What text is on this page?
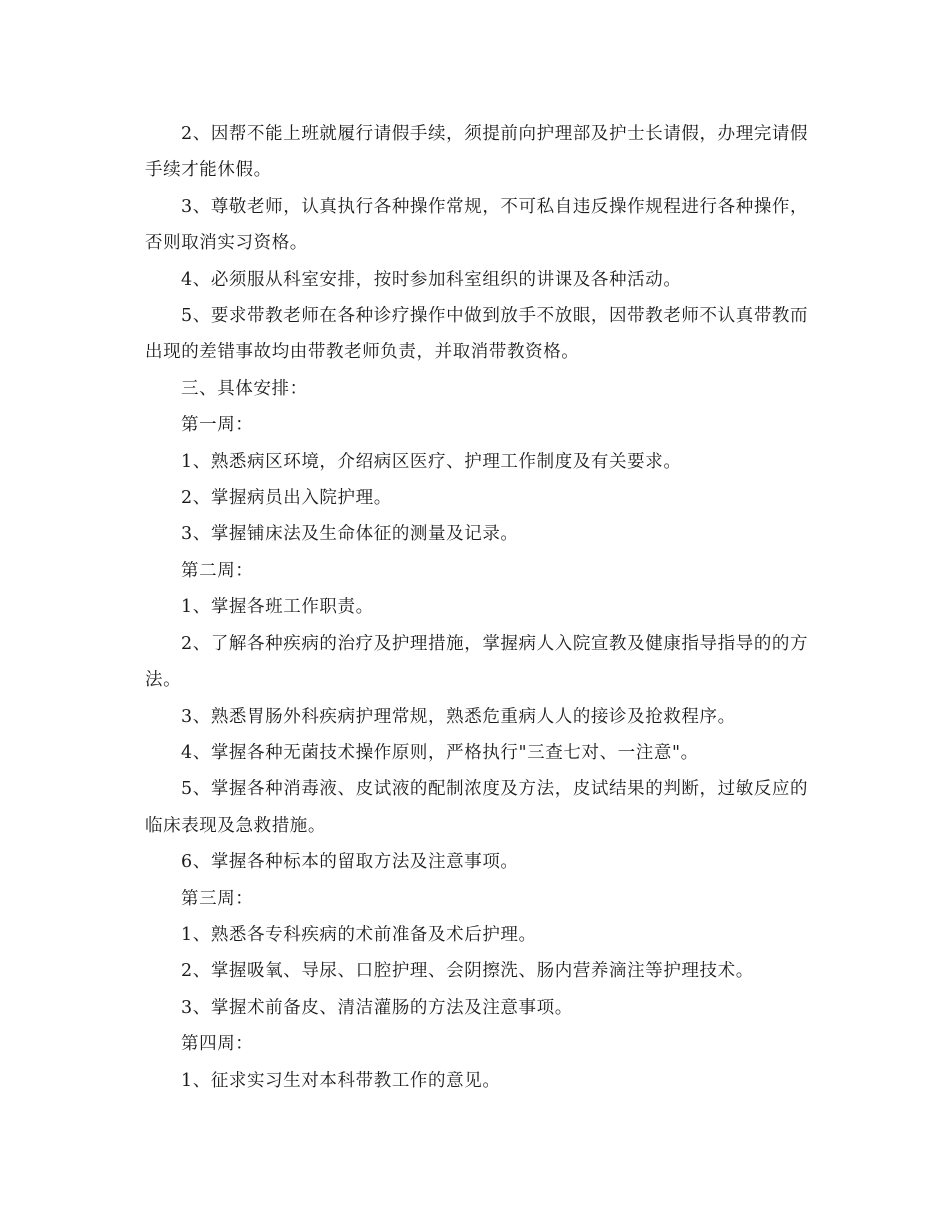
2、因帮不能上班就履行请假手续，须提前向护理部及护士长请假，办理完请假手续才能休假。

3、尊敬老师，认真执行各种操作常规，不可私自违反操作规程进行各种操作，否则取消实习资格。

4、必须服从科室安排，按时参加科室组织的讲课及各种活动。

5、要求带教老师在各种诊疗操作中做到放手不放眼，因带教老师不认真带教而出现的差错事故均由带教老师负责，并取消带教资格。

三、具体安排：

第一周：

1、熟悉病区环境，介绍病区医疗、护理工作制度及有关要求。

2、掌握病员出入院护理。

3、掌握铺床法及生命体征的测量及记录。

第二周：

1、掌握各班工作职责。

2、了解各种疾病的治疗及护理措施，掌握病人入院宣教及健康指导指导的的方法。

3、熟悉胃肠外科疾病护理常规，熟悉危重病人人的接诊及抢救程序。

4、掌握各种无菌技术操作原则，严格执行"三查七对、一注意"。

5、掌握各种消毒液、皮试液的配制浓度及方法，皮试结果的判断，过敏反应的临床表现及急救措施。

6、掌握各种标本的留取方法及注意事项。

第三周：

1、熟悉各专科疾病的术前准备及术后护理。

2、掌握吸氧、导尿、口腔护理、会阴擦洗、肠内营养滴注等护理技术。

3、掌握术前备皮、清洁灌肠的方法及注意事项。

第四周：

1、征求实习生对本科带教工作的意见。
